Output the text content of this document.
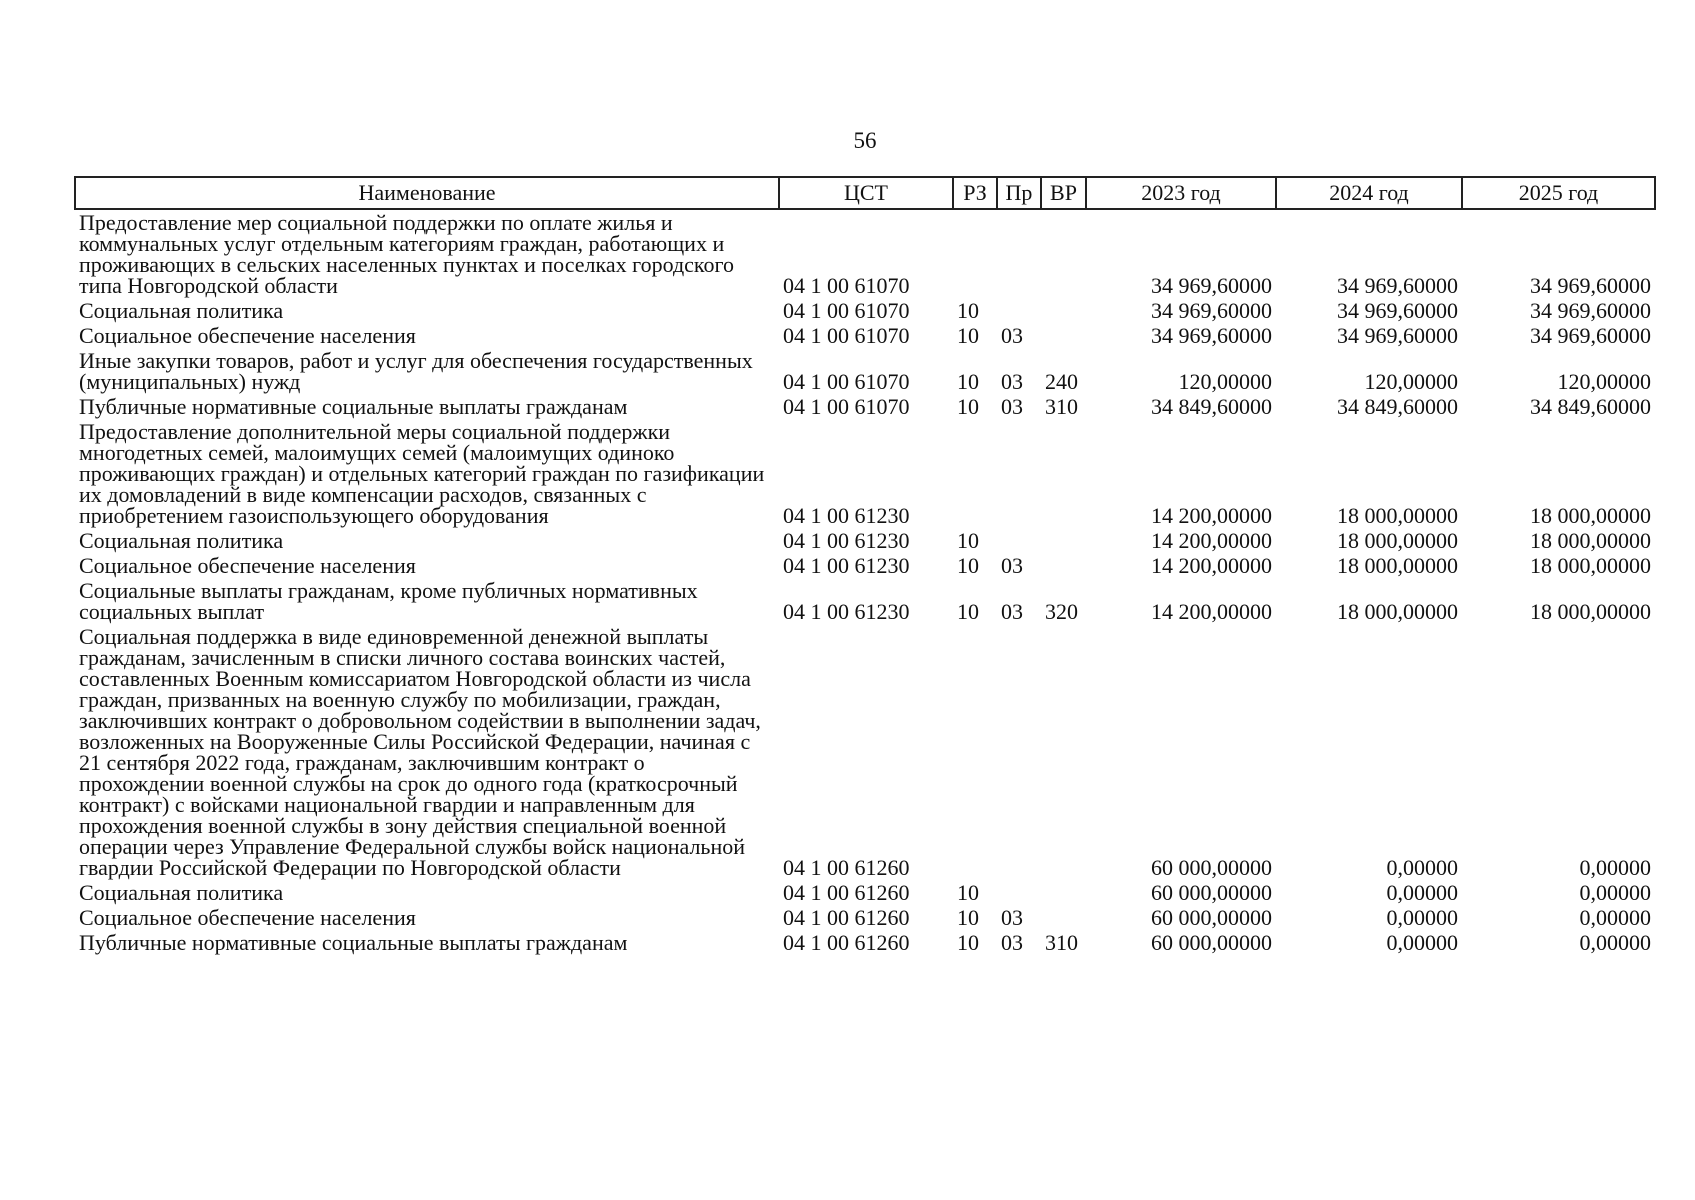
56
Наименование	ЦСТ	РЗ	Пр	ВР	2023 год	2024 год	2025 год
Предоставление мер социальной поддержки по оплате жилья и коммунальных услуг отдельным категориям граждан, работающих и проживающих в сельских населенных пунктах и поселках городского типа Новгородской области	04 1 00 61070				34 969,60000	34 969,60000	34 969,60000
Социальная политика	04 1 00 61070	10			34 969,60000	34 969,60000	34 969,60000
Социальное обеспечение населения	04 1 00 61070	10	03		34 969,60000	34 969,60000	34 969,60000
Иные закупки товаров, работ и услуг для обеспечения государственных (муниципальных) нужд	04 1 00 61070	10	03	240	120,00000	120,00000	120,00000
Публичные нормативные социальные выплаты гражданам	04 1 00 61070	10	03	310	34 849,60000	34 849,60000	34 849,60000
Предоставление дополнительной меры социальной поддержки многодетных семей, малоимущих семей (малоимущих одиноко проживающих граждан) и отдельных категорий граждан по газификации их домовладений в виде компенсации расходов, связанных с приобретением газоиспользующего оборудования	04 1 00 61230				14 200,00000	18 000,00000	18 000,00000
Социальная политика	04 1 00 61230	10			14 200,00000	18 000,00000	18 000,00000
Социальное обеспечение населения	04 1 00 61230	10	03		14 200,00000	18 000,00000	18 000,00000
Социальные выплаты гражданам, кроме публичных нормативных социальных выплат	04 1 00 61230	10	03	320	14 200,00000	18 000,00000	18 000,00000
Социальная поддержка в виде единовременной денежной выплаты гражданам, зачисленным в списки личного состава воинских частей, составленных Военным комиссариатом Новгородской области из числа граждан, призванных на военную службу по мобилизации, граждан, заключивших контракт о добровольном содействии в выполнении задач, возложенных на Вооруженные Силы Российской Федерации, начиная с 21 сентября 2022 года, гражданам, заключившим контракт о прохождении военной службы на срок до одного года (краткосрочный контракт) с войсками национальной гвардии и направленным для прохождения военной службы в зону действия специальной военной операции через Управление Федеральной службы войск национальной гвардии Российской Федерации по Новгородской области	04 1 00 61260				60 000,00000	0,00000	0,00000
Социальная политика	04 1 00 61260	10			60 000,00000	0,00000	0,00000
Социальное обеспечение населения	04 1 00 61260	10	03		60 000,00000	0,00000	0,00000
Публичные нормативные социальные выплаты гражданам	04 1 00 61260	10	03	310	60 000,00000	0,00000	0,00000
